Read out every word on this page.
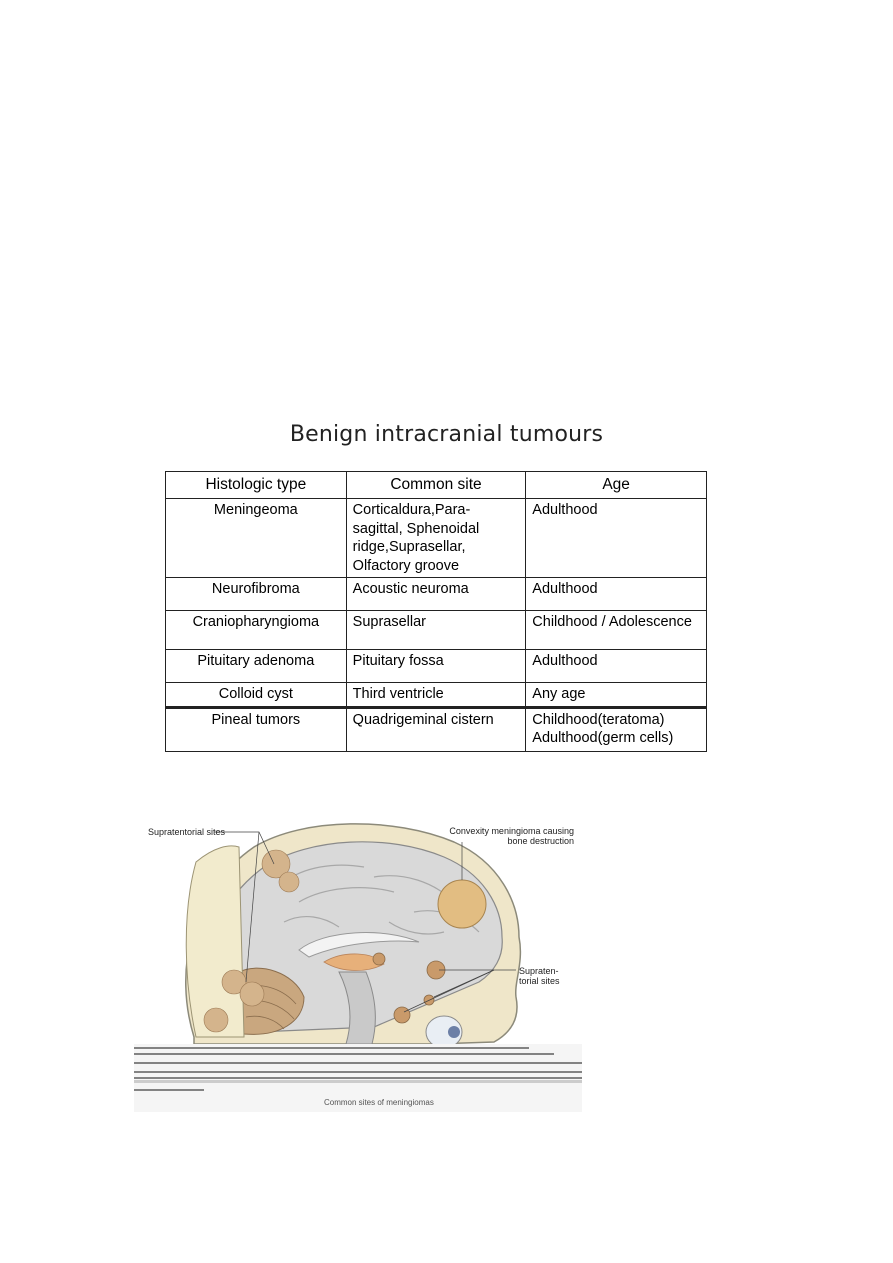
Benign intracranial tumours
Histologic type	Common site	Age
Meningeoma	Corticaldura,Para-sagittal, Sphenoidal ridge,Suprasellar, Olfactory groove	Adulthood
Neurofibroma	Acoustic neuroma	Adulthood
Craniopharyngioma	Suprasellar	Childhood / Adolescence
Pituitary adenoma	Pituitary fossa	Adulthood
Colloid cyst	Third ventricle	Any age
Pineal tumors	Quadrigeminal cistern	Childhood(teratoma)
Adulthood(germ cells)
Supratentorial sites	Convexity meningioma causing
bone destruction
Supraten-
torial sites
Common sites of meningiomas
